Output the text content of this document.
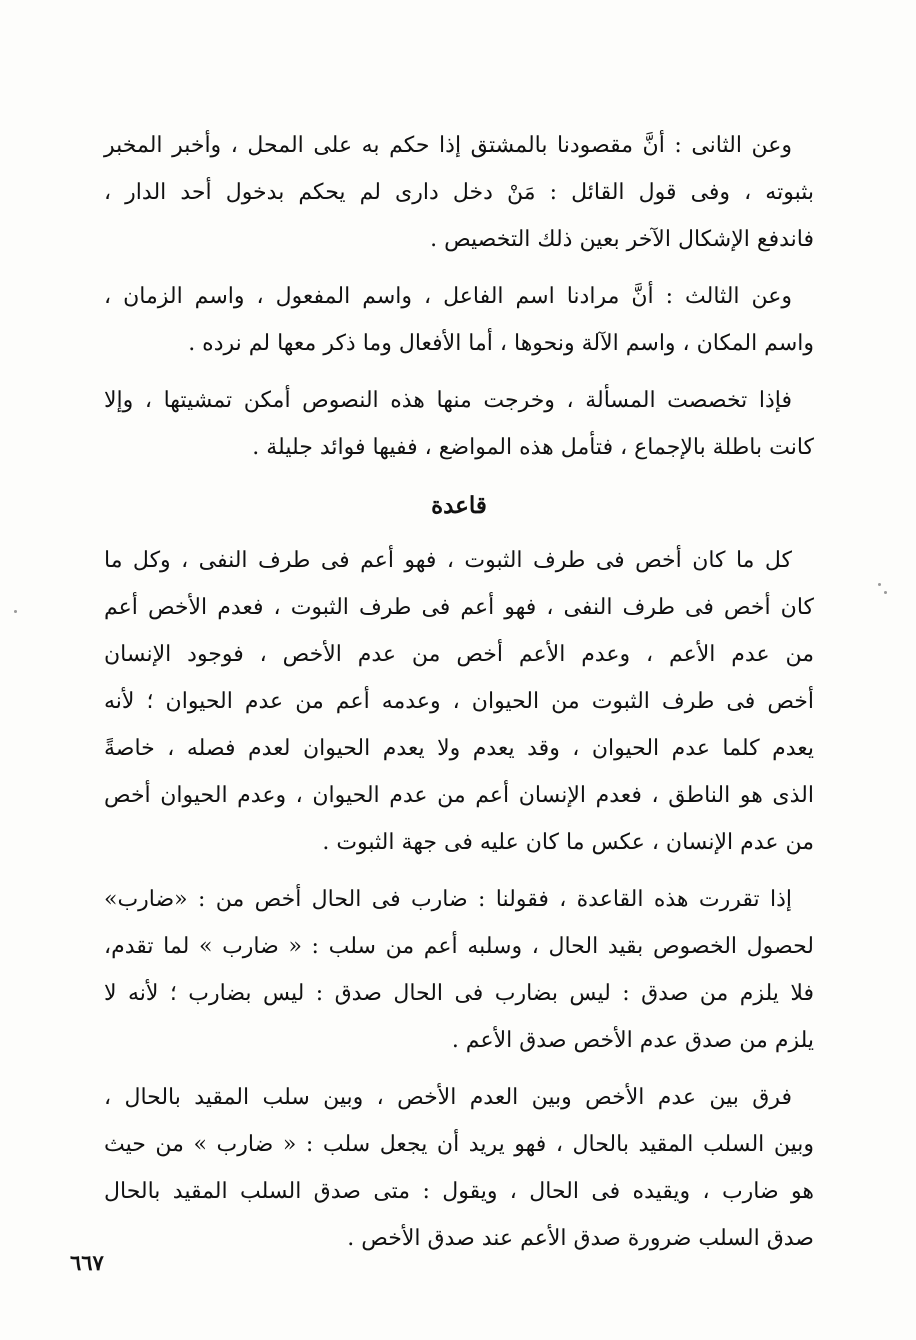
وعن الثانى : أنَّ مقصودنا بالمشتق إذا حكم به على المحل ، وأخبر المخبر
بثبوته ، وفى قول القائل : مَنْ دخل دارى لم يحكم بدخول أحد الدار ،
فاندفع الإشكال الآخر بعين ذلك التخصيص .
وعن الثالث : أنَّ مرادنا اسم الفاعل ، واسم المفعول ، واسم الزمان ،
واسم المكان ، واسم الآلة ونحوها ، أما الأفعال وما ذكر معها لم نرده .
فإذا تخصصت المسألة ، وخرجت منها هذه النصوص أمكن تمشيتها ، وإلا
كانت باطلة بالإجماع ، فتأمل هذه المواضع ، ففيها فوائد جليلة .
قاعدة
كل ما كان أخص فى طرف الثبوت ، فهو أعم فى طرف النفى ، وكل ما
كان أخص فى طرف النفى ، فهو أعم فى طرف الثبوت ، فعدم الأخص أعم
من عدم الأعم ، وعدم الأعم أخص من عدم الأخص ، فوجود الإنسان
أخص فى طرف الثبوت من الحيوان ، وعدمه أعم من عدم الحيوان ؛ لأنه
يعدم كلما عدم الحيوان ، وقد يعدم ولا يعدم الحيوان لعدم فصله ، خاصةً
الذى هو الناطق ، فعدم الإنسان أعم من عدم الحيوان ، وعدم الحيوان أخص
من عدم الإنسان ، عكس ما كان عليه فى جهة الثبوت .
إذا تقررت هذه القاعدة ، فقولنا : ضارب فى الحال أخص من : «ضارب»
لحصول الخصوص بقيد الحال ، وسلبه أعم من سلب : « ضارب » لما تقدم،
فلا يلزم من صدق : ليس بضارب فى الحال صدق : ليس بضارب ؛ لأنه لا
يلزم من صدق عدم الأخص صدق الأعم .
فرق بين عدم الأخص وبين العدم الأخص ، وبين سلب المقيد بالحال ،
وبين السلب المقيد بالحال ، فهو يريد أن يجعل سلب : « ضارب » من حيث
هو ضارب ، ويقيده فى الحال ، ويقول : متى صدق السلب المقيد بالحال
صدق السلب ضرورة صدق الأعم عند صدق الأخص .
٦٦٧
